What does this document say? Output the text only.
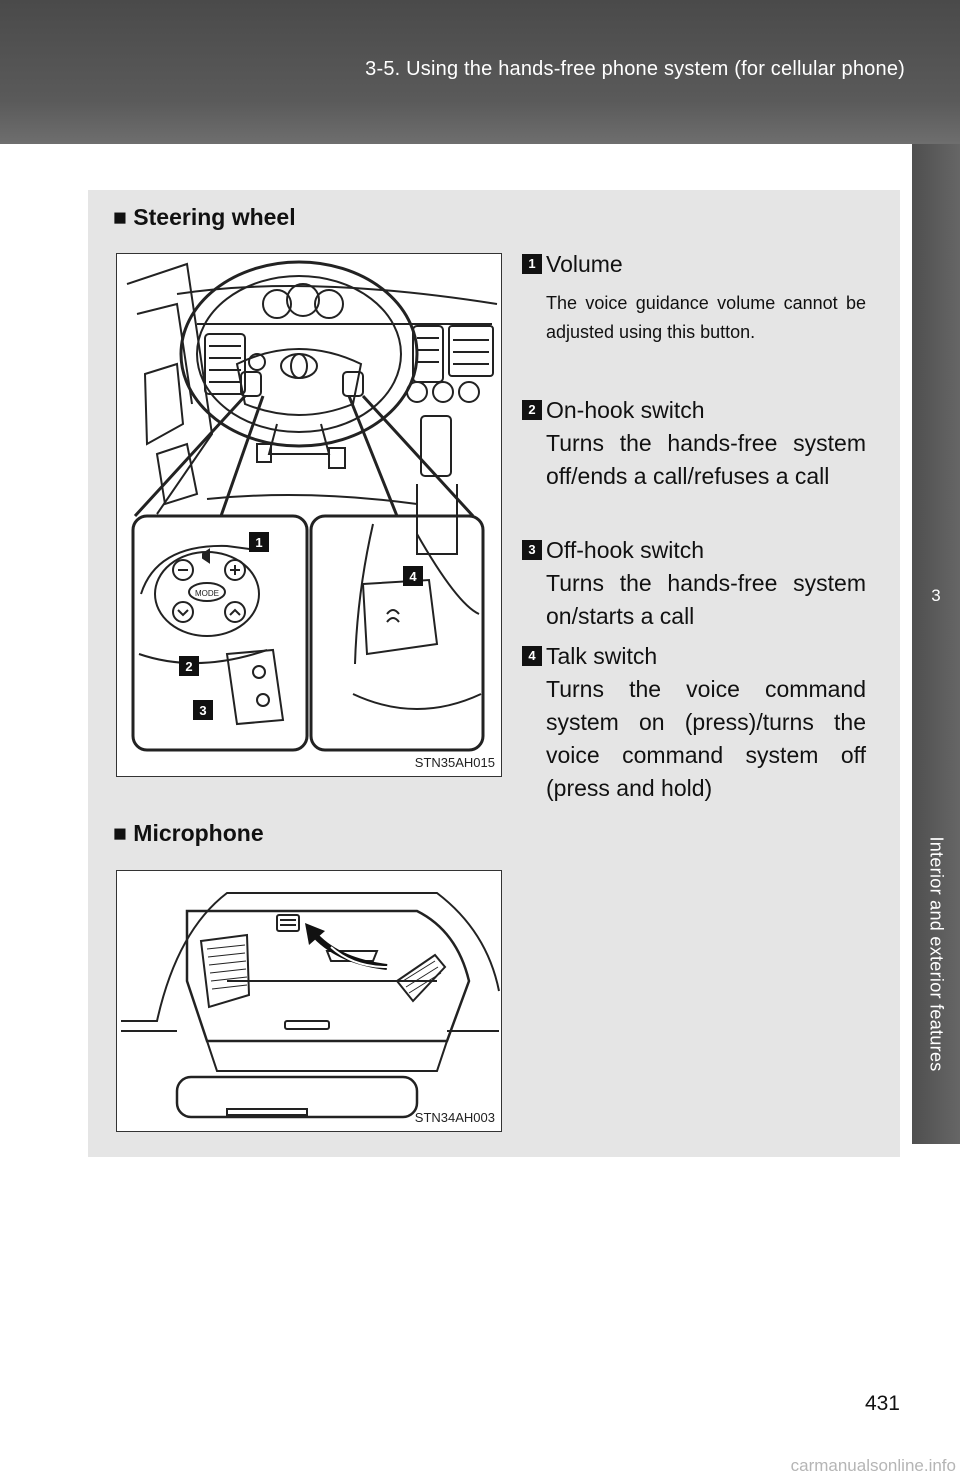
3-5. Using the hands-free phone system (for cellular phone)
3
Interior and exterior features
■ Steering wheel
1
4
2
3
MODE
STN35AH015
1 Volume
The voice guidance volume cannot be adjusted using this button.
2 On-hook switch
Turns the hands-free system off/ends a call/refuses a call
3 Off-hook switch
Turns the hands-free system on/starts a call
4 Talk switch
Turns the voice command system on (press)/turns the voice command system off (press and hold)
■ Microphone
STN34AH003
431
carmanualsonline.info
